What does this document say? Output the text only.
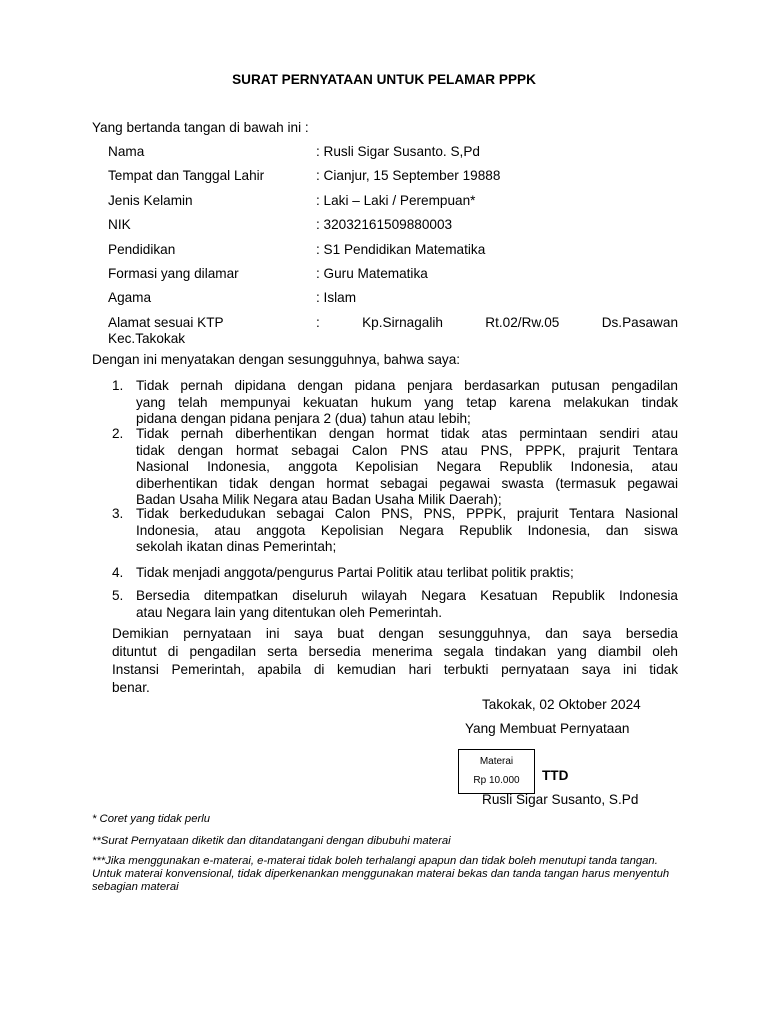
SURAT PERNYATAAN UNTUK PELAMAR PPPK
Yang bertanda tangan di bawah ini :
Nama	: Rusli Sigar Susanto. S,Pd
Tempat dan Tanggal Lahir	: Cianjur, 15 September 19888
Jenis Kelamin	: Laki – Laki / Perempuan*
NIK	: 32032161509880003
Pendidikan	: S1 Pendidikan Matematika
Formasi yang dilamar	: Guru Matematika
Agama	: Islam
Alamat sesuai KTP	:	Kp.Sirnagalih	Rt.02/Rw.05	Ds.Pasawan
Kec.Takokak
Dengan ini menyatakan dengan sesungguhnya, bahwa saya:
1. Tidak pernah dipidana dengan pidana penjara berdasarkan putusan pengadilan
yang telah mempunyai kekuatan hukum yang tetap karena melakukan tindak
pidana dengan pidana penjara 2 (dua) tahun atau lebih;
2. Tidak pernah diberhentikan dengan hormat tidak atas permintaan sendiri atau
tidak dengan hormat sebagai Calon PNS atau PNS, PPPK, prajurit Tentara
Nasional Indonesia, anggota Kepolisian Negara Republik Indonesia, atau
diberhentikan tidak dengan hormat sebagai pegawai swasta (termasuk pegawai
Badan Usaha Milik Negara atau Badan Usaha Milik Daerah);
3. Tidak berkedudukan sebagai Calon PNS, PNS, PPPK, prajurit Tentara Nasional
Indonesia, atau anggota Kepolisian Negara Republik Indonesia, dan siswa
sekolah ikatan dinas Pemerintah;
4. Tidak menjadi anggota/pengurus Partai Politik atau terlibat politik praktis;
5. Bersedia ditempatkan diseluruh wilayah Negara Kesatuan Republik Indonesia
atau Negara lain yang ditentukan oleh Pemerintah.
Demikian pernyataan ini saya buat dengan sesungguhnya, dan saya bersedia
dituntut di pengadilan serta bersedia menerima segala tindakan yang diambil oleh
Instansi Pemerintah, apabila di kemudian hari terbukti pernyataan saya ini tidak
benar.
Takokak, 02 Oktober 2024
Yang Membuat Pernyataan
Materai
Rp 10.000	TTD
Rusli Sigar Susanto, S.Pd
* Coret yang tidak perlu
**Surat Pernyataan diketik dan ditandatangani dengan dibubuhi materai
***Jika menggunakan e-materai, e-materai tidak boleh terhalangi apapun dan tidak boleh menutupi tanda tangan. Untuk materai konvensional, tidak diperkenankan menggunakan materai bekas dan tanda tangan harus menyentuh sebagian materai
